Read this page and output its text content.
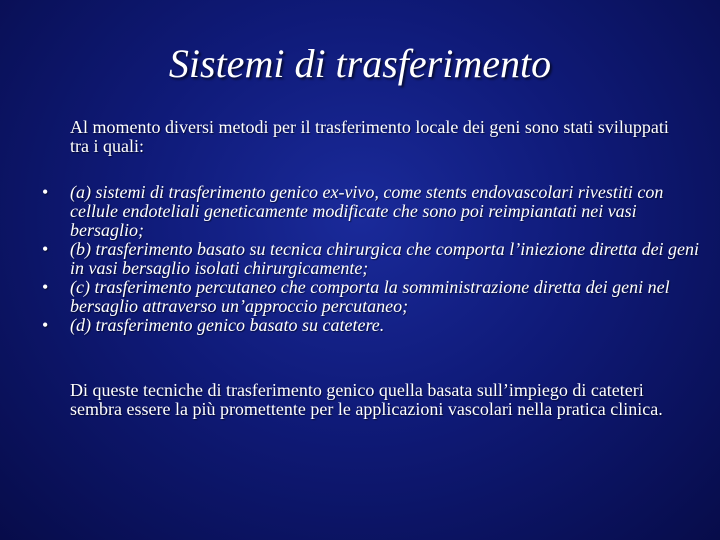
Sistemi di trasferimento
Al momento diversi metodi per il trasferimento locale dei geni sono stati sviluppati tra i quali:
• (a) sistemi di trasferimento genico ex-vivo, come stents endovascolari rivestiti con cellule endoteliali geneticamente modificate che sono poi reimpiantati nei vasi bersaglio;
• (b) trasferimento basato su tecnica chirurgica che comporta l’iniezione diretta dei geni in vasi bersaglio isolati chirurgicamente;
• (c) trasferimento percutaneo che comporta la somministrazione diretta dei geni nel bersaglio attraverso un’approccio percutaneo;
• (d) trasferimento genico basato su catetere.
Di queste tecniche di trasferimento genico quella basata sull’impiego di cateteri sembra essere la più promettente per le applicazioni vascolari nella pratica clinica.
